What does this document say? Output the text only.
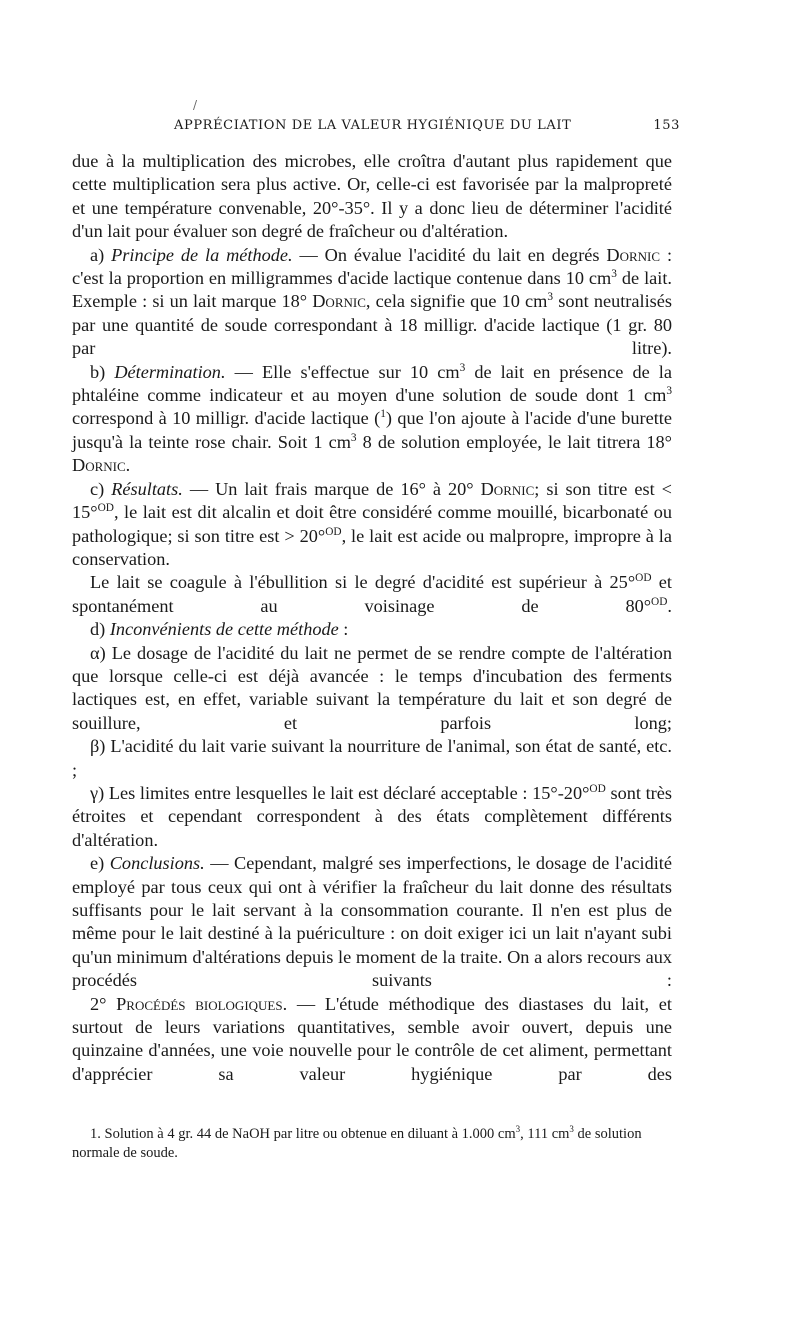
/
APPRÉCIATION DE LA VALEUR HYGIÉNIQUE DU LAIT	153

due à la multiplication des microbes, elle croîtra d'autant plus rapidement que cette multiplication sera plus active. Or, celle-ci est favorisée par la malpropreté et une température convenable, 20°-35°. Il y a donc lieu de déterminer l'acidité d'un lait pour évaluer son degré de fraîcheur ou d'altération.

a) Principe de la méthode. — On évalue l'acidité du lait en degrés Dornic : c'est la proportion en milligrammes d'acide lactique contenue dans 10 $cm^3$ de lait. Exemple : si un lait marque 18° Dornic, cela signifie que 10 $cm^3$ sont neutralisés par une quantité de soude correspondant à 18 milligr. d'acide lactique (1 gr. 80 par litre).

b) Détermination. — Elle s'effectue sur 10 $cm^3$ de lait en présence de la phtaléine comme indicateur et au moyen d'une solution de soude dont 1 $cm^3$ correspond à 10 milligr. d'acide lactique ($^1$) que l'on ajoute à l'acide d'une burette jusqu'à la teinte rose chair. Soit 1 $cm^3$ 8 de solution employée, le lait titrera 18° Dornic.

c) Résultats. — Un lait frais marque de 16° à 20° Dornic; si son titre est < 15°$^{OD}$, le lait est dit alcalin et doit être considéré comme mouillé, bicarbonaté ou pathologique; si son titre est > 20°$^{OD}$, le lait est acide ou malpropre, impropre à la conservation.

Le lait se coagule à l'ébullition si le degré d'acidité est supérieur à 25°$^{OD}$ et spontanément au voisinage de 80°$^{OD}$.

d) Inconvénients de cette méthode :

α) Le dosage de l'acidité du lait ne permet de se rendre compte de l'altération que lorsque celle-ci est déjà avancée : le temps d'incubation des ferments lactiques est, en effet, variable suivant la température du lait et son degré de souillure, et parfois long;

β) L'acidité du lait varie suivant la nourriture de l'animal, son état de santé, etc. ;

γ) Les limites entre lesquelles le lait est déclaré acceptable : 15°-20°$^{OD}$ sont très étroites et cependant correspondent à des états complètement différents d'altération.

e) Conclusions. — Cependant, malgré ses imperfections, le dosage de l'acidité employé par tous ceux qui ont à vérifier la fraîcheur du lait donne des résultats suffisants pour le lait servant à la consommation courante. Il n'en est plus de même pour le lait destiné à la puériculture : on doit exiger ici un lait n'ayant subi qu'un minimum d'altérations depuis le moment de la traite. On a alors recours aux procédés suivants :

2° Procédés biologiques. — L'étude méthodique des diastases du lait, et surtout de leurs variations quantitatives, semble avoir ouvert, depuis une quinzaine d'années, une voie nouvelle pour le contrôle de cet aliment, permettant d'apprécier sa valeur hygiénique par des

1. Solution à 4 gr. 44 de NaOH par litre ou obtenue en diluant à 1.000 $cm^3$, 111 $cm^3$ de solution normale de soude.
